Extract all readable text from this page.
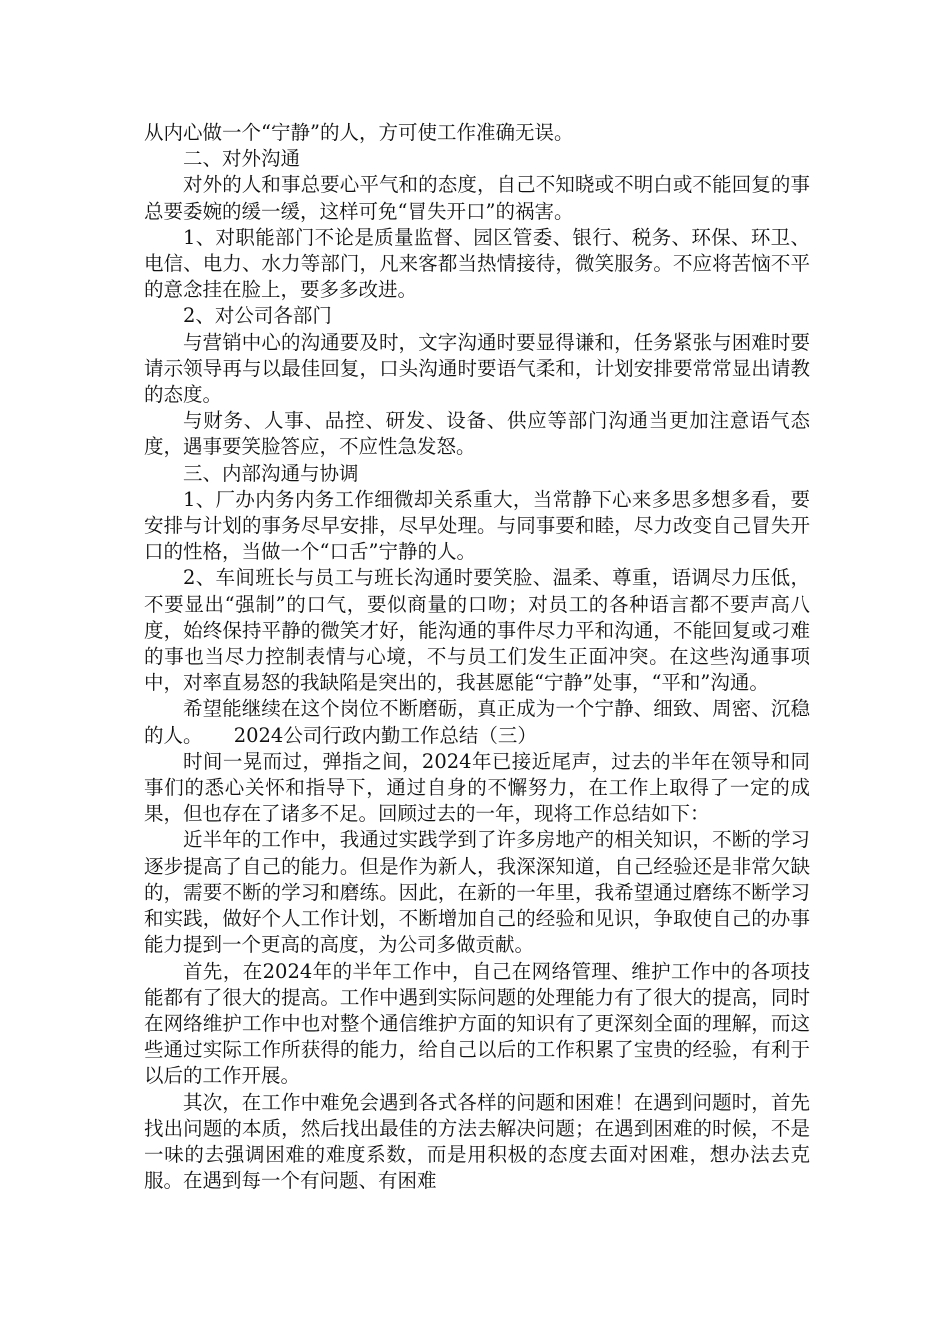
从内心做一个“宁静”的人，方可使工作准确无误。

二、对外沟通

对外的人和事总要心平气和的态度，自己不知晓或不明白或不能回复的事总要委婉的缓一缓，这样可免“冒失开口”的祸害。

1、对职能部门不论是质量监督、园区管委、银行、税务、环保、环卫、电信、电力、水力等部门，凡来客都当热情接待，微笑服务。不应将苦恼不平的意念挂在脸上，要多多改进。

2、对公司各部门

与营销中心的沟通要及时，文字沟通时要显得谦和，任务紧张与困难时要请示领导再与以最佳回复，口头沟通时要语气柔和，计划安排要常常显出请教的态度。

与财务、人事、品控、研发、设备、供应等部门沟通当更加注意语气态度，遇事要笑脸答应，不应性急发怒。

三、内部沟通与协调

1、厂办内务内务工作细微却关系重大，当常静下心来多思多想多看，要安排与计划的事务尽早安排，尽早处理。与同事要和睦，尽力改变自己冒失开口的性格，当做一个“口舌”宁静的人。

2、车间班长与员工与班长沟通时要笑脸、温柔、尊重，语调尽力压低，不要显出“强制”的口气，要似商量的口吻；对员工的各种语言都不要声高八度，始终保持平静的微笑才好，能沟通的事件尽力平和沟通，不能回复或刁难的事也当尽力控制表情与心境，不与员工们发生正面冲突。在这些沟通事项中，对率直易怒的我缺陷是突出的，我甚愿能“宁静”处事，“平和”沟通。

希望能继续在这个岗位不断磨砺，真正成为一个宁静、细致、周密、沉稳的人。 2024公司行政内勤工作总结（三）

时间一晃而过，弹指之间，2024年已接近尾声，过去的半年在领导和同事们的悉心关怀和指导下，通过自身的不懈努力，在工作上取得了一定的成果，但也存在了诸多不足。回顾过去的一年，现将工作总结如下：

近半年的工作中，我通过实践学到了许多房地产的相关知识，不断的学习逐步提高了自己的能力。但是作为新人，我深深知道，自己经验还是非常欠缺的，需要不断的学习和磨练。因此，在新的一年里，我希望通过磨练不断学习和实践，做好个人工作计划，不断增加自己的经验和见识，争取使自己的办事能力提到一个更高的高度，为公司多做贡献。

首先，在2024年的半年工作中，自己在网络管理、维护工作中的各项技能都有了很大的提高。工作中遇到实际问题的处理能力有了很大的提高，同时在网络维护工作中也对整个通信维护方面的知识有了更深刻全面的理解，而这些通过实际工作所获得的能力，给自己以后的工作积累了宝贵的经验，有利于以后的工作开展。

其次，在工作中难免会遇到各式各样的问题和困难！在遇到问题时，首先找出问题的本质，然后找出最佳的方法去解决问题；在遇到困难的时候，不是一味的去强调困难的难度系数，而是用积极的态度去面对困难，想办法去克服。在遇到每一个有问题、有困难
